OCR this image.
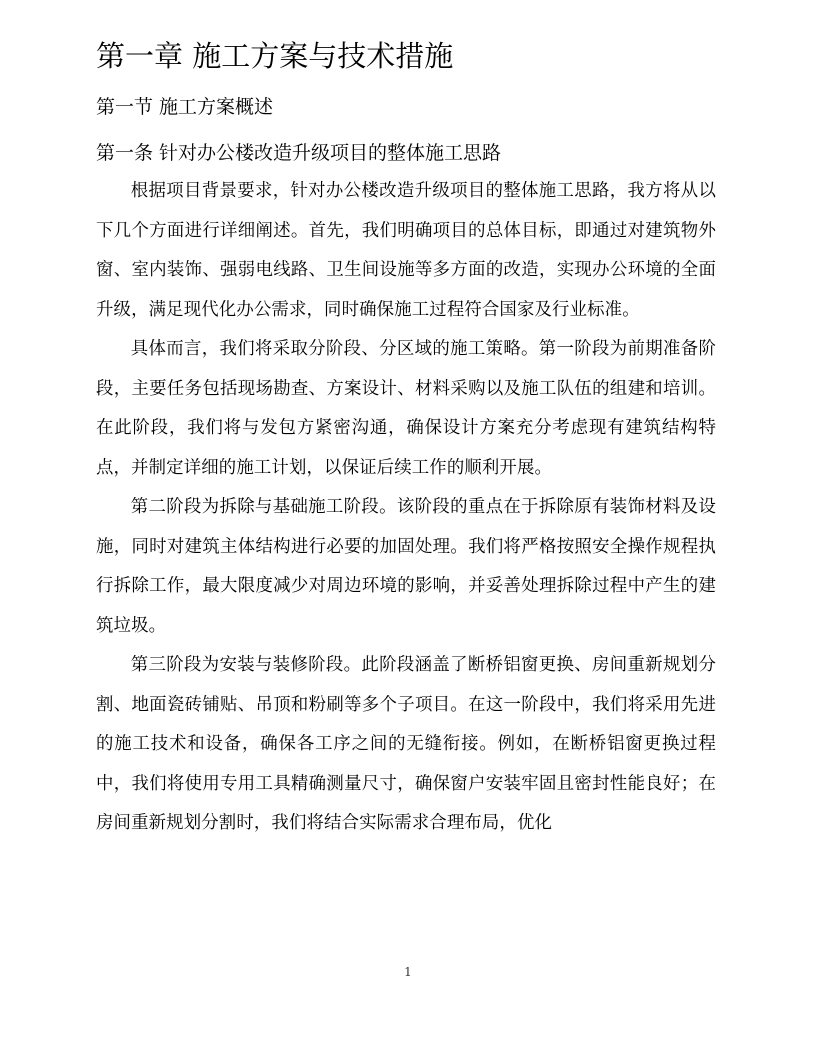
第一章 施工方案与技术措施
第一节 施工方案概述
第一条 针对办公楼改造升级项目的整体施工思路

根据项目背景要求，针对办公楼改造升级项目的整体施工思路，我方将从以下几个方面进行详细阐述。首先，我们明确项目的总体目标，即通过对建筑物外窗、室内装饰、强弱电线路、卫生间设施等多方面的改造，实现办公环境的全面升级，满足现代化办公需求，同时确保施工过程符合国家及行业标准。

具体而言，我们将采取分阶段、分区域的施工策略。第一阶段为前期准备阶段，主要任务包括现场勘查、方案设计、材料采购以及施工队伍的组建和培训。在此阶段，我们将与发包方紧密沟通，确保设计方案充分考虑现有建筑结构特点，并制定详细的施工计划，以保证后续工作的顺利开展。

第二阶段为拆除与基础施工阶段。该阶段的重点在于拆除原有装饰材料及设施，同时对建筑主体结构进行必要的加固处理。我们将严格按照安全操作规程执行拆除工作，最大限度减少对周边环境的影响，并妥善处理拆除过程中产生的建筑垃圾。

第三阶段为安装与装修阶段。此阶段涵盖了断桥铝窗更换、房间重新规划分割、地面瓷砖铺贴、吊顶和粉刷等多个子项目。在这一阶段中，我们将采用先进的施工技术和设备，确保各工序之间的无缝衔接。例如，在断桥铝窗更换过程中，我们将使用专用工具精确测量尺寸，确保窗户安装牢固且密封性能良好；在房间重新规划分割时，我们将结合实际需求合理布局，优化

1
